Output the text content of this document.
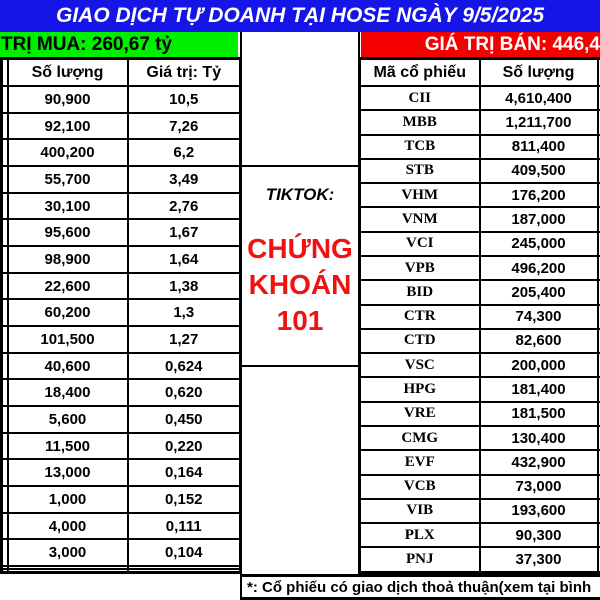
GIAO DỊCH TỰ DOANH TẠI HOSE NGÀY 9/5/2025
TRỊ MUA: 260,67 tỷ	GIÁ TRỊ BÁN: 446,4
	Số lượng	Giá trị: Tỷ
	90,900	10,5
	92,100	7,26
	400,200	6,2
	55,700	3,49
	30,100	2,76
	95,600	1,67
	98,900	1,64
	22,600	1,38
	60,200	1,3
	101,500	1,27
	40,600	0,624
	18,400	0,620
	5,600	0,450
	11,500	0,220
	13,000	0,164
	1,000	0,152
	4,000	0,111
	3,000	0,104

Mã cổ phiếu	Số lượng	
CII	4,610,400	
MBB	1,211,700	
TCB	811,400	
STB	409,500	
VHM	176,200	
VNM	187,000	
VCI	245,000	
VPB	496,200	
BID	205,400	
CTR	74,300	
CTD	82,600	
VSC	200,000	
HPG	181,400	
VRE	181,500	
CMG	130,400	
EVF	432,900	
VCB	73,000	
VIB	193,600	
PLX	90,300	
PNJ	37,300	
TIKTOK:
CHỨNG
KHOÁN
101
*: Cổ phiếu có giao dịch thoả thuận(xem tại bình
